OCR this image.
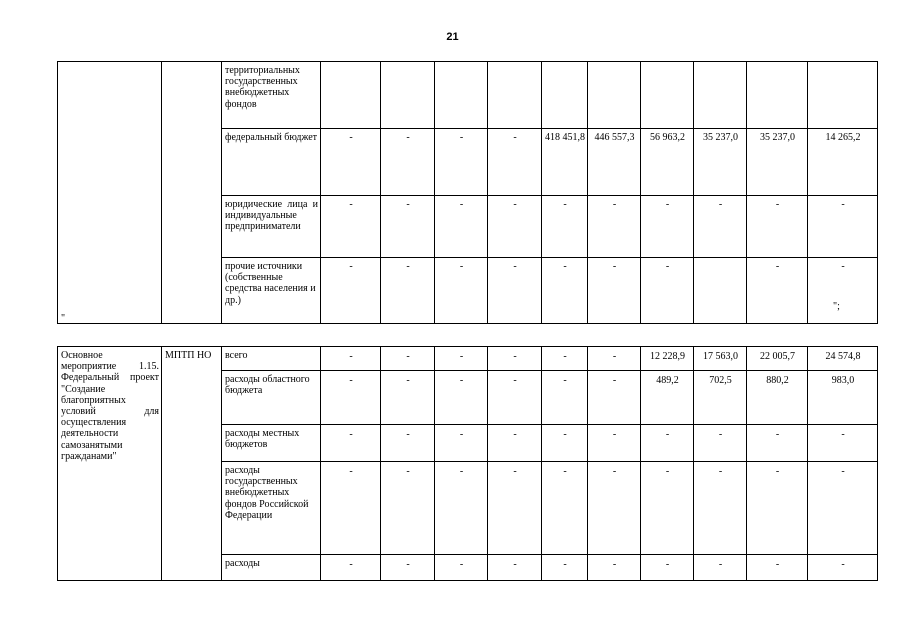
21
		территориальных государственных внебюджетных фондов										
		федеральный бюджет	-	-	-	-	418 451,8	446 557,3	56 963,2	35 237,0	35 237,0	14 265,2
		юридические лица и индивидуальные предприниматели	-	-	-	-	-	-	-	-	-	-
		прочие источники (собственные средства населения и др.)	-	-	-	-	-	-	-		-	-
";
"
Основное мероприятие 1.15. Федеральный проект "Создание благоприятных условий для осуществления деятельности самозанятыми гражданами"	МПТП НО	всего	-	-	-	-	-	-	12 228,9	17 563,0	22 005,7	24 574,8
		расходы областного бюджета	-	-	-	-	-	-	489,2	702,5	880,2	983,0
		расходы местных бюджетов	-	-	-	-	-	-	-	-	-	-
		расходы государственных внебюджетных фондов Российской Федерации	-	-	-	-	-	-	-	-	-	-
		расходы	-	-	-	-	-	-	-	-	-	-
